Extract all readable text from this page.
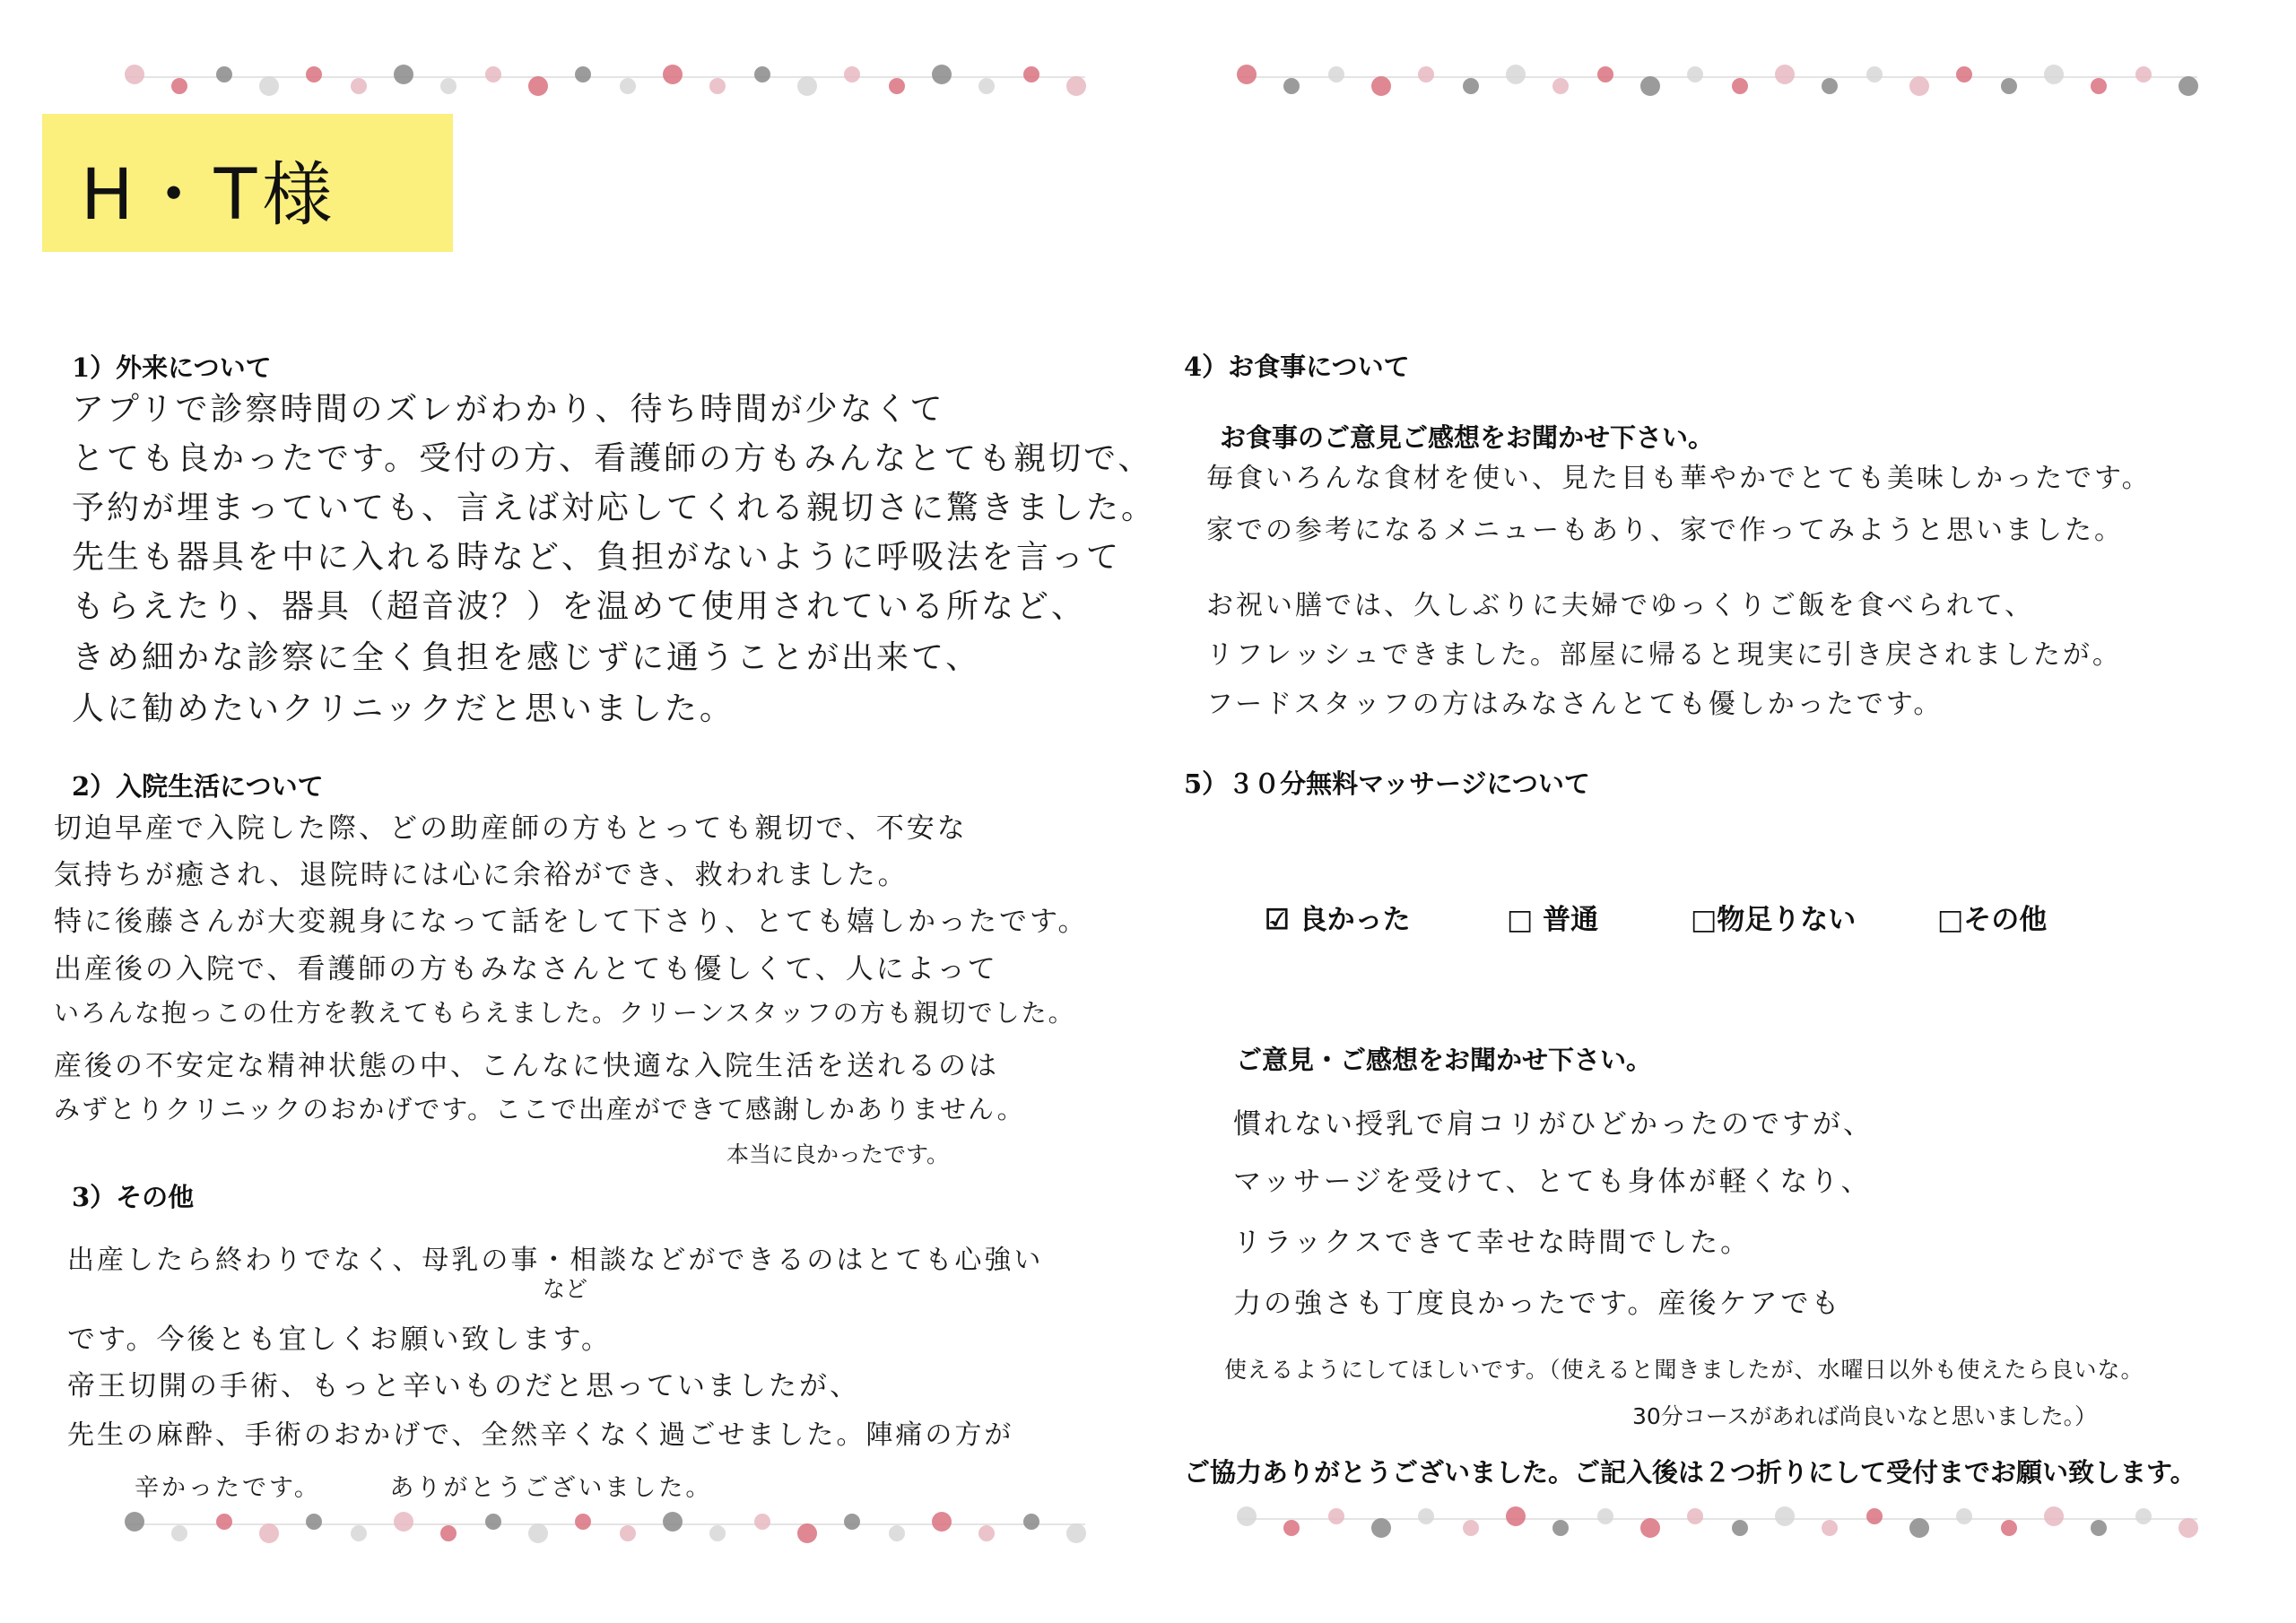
H・T様
1）外来について
アプリで診察時間のズレがわかり、待ち時間が少なくて
とても良かったです。受付の方、看護師の方もみんなとても親切で、
予約が埋まっていても、言えば対応してくれる親切さに驚きました。
先生も器具を中に入れる時など、負担がないように呼吸法を言って
もらえたり、器具（超音波？）を温めて使用されている所など、
きめ細かな診察に全く負担を感じずに通うことが出来て、
人に勧めたいクリニックだと思いました。
2）入院生活について
切迫早産で入院した際、どの助産師の方もとっても親切で、不安な
気持ちが癒され、退院時には心に余裕ができ、救われました。
特に後藤さんが大変親身になって話をして下さり、とても嬉しかったです。
出産後の入院で、看護師の方もみなさんとても優しくて、人によって
いろんな抱っこの仕方を教えてもらえました。クリーンスタッフの方も親切でした。
産後の不安定な精神状態の中、こんなに快適な入院生活を送れるのは
みずとりクリニックのおかげです。ここで出産ができて感謝しかありません。
本当に良かったです。
3）その他
出産したら終わりでなく、母乳の事・相談などができるのはとても心強い
など
です。今後とも宜しくお願い致します。
帝王切開の手術、もっと辛いものだと思っていましたが、
先生の麻酔、手術のおかげで、全然辛くなく過ごせました。陣痛の方が
辛かったです。　　　ありがとうございました。
4）お食事について
お食事のご意見ご感想をお聞かせ下さい。
毎食いろんな食材を使い、見た目も華やかでとても美味しかったです。
家での参考になるメニューもあり、家で作ってみようと思いました。
お祝い膳では、久しぶりに夫婦でゆっくりご飯を食べられて、
リフレッシュできました。部屋に帰ると現実に引き戻されましたが。
フードスタッフの方はみなさんとても優しかったです。
5）３０分無料マッサージについて
☑ 良かった	□ 普通	□物足りない	□その他
ご意見・ご感想をお聞かせ下さい。
慣れない授乳で肩コリがひどかったのですが、
マッサージを受けて、とても身体が軽くなり、
リラックスできて幸せな時間でした。
力の強さも丁度良かったです。産後ケアでも
使えるようにしてほしいです。（使えると聞きましたが、水曜日以外も使えたら良いな。
30分コースがあれば尚良いなと思いました。）
ご協力ありがとうございました。ご記入後は２つ折りにして受付までお願い致します。
